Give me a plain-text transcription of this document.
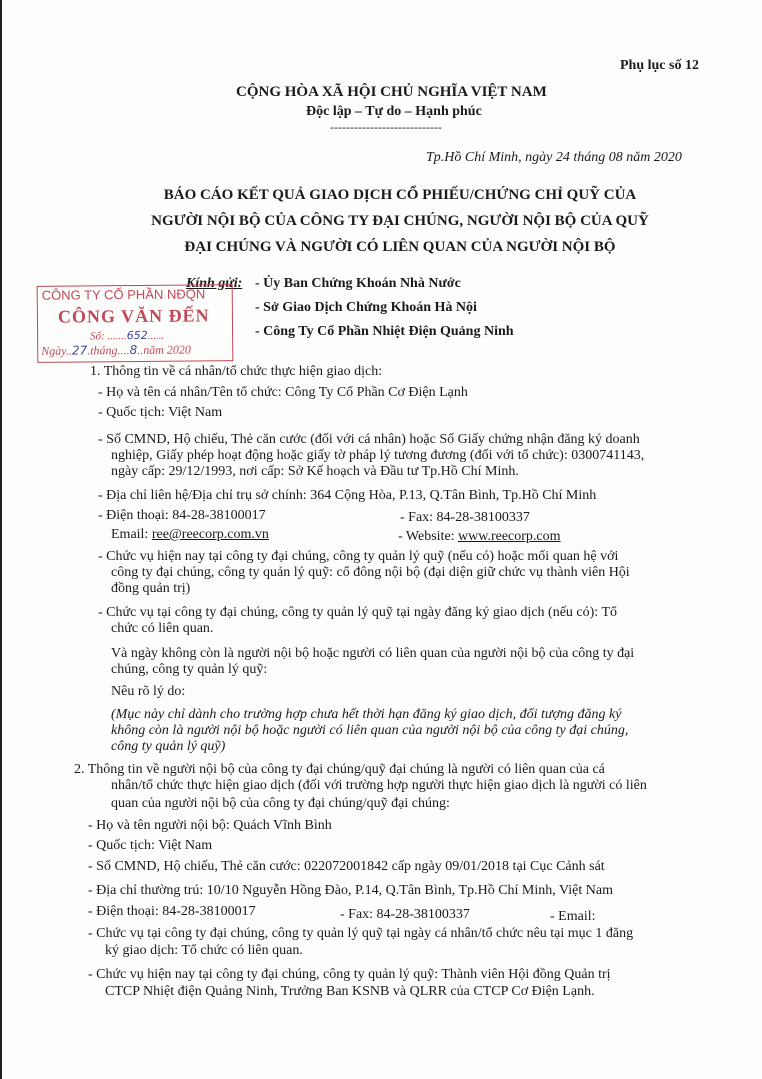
Phụ lục số 12
CỘNG HÒA XÃ HỘI CHỦ NGHĨA VIỆT NAM
Độc lập – Tự do – Hạnh phúc
----------------------------
Tp.Hồ Chí Minh, ngày 24 tháng 08 năm 2020
BÁO CÁO KẾT QUẢ GIAO DỊCH CỔ PHIẾU/CHỨNG CHỈ QUỸ CỦA
NGƯỜI NỘI BỘ CỦA CÔNG TY ĐẠI CHÚNG, NGƯỜI NỘI BỘ CỦA QUỸ
ĐẠI CHÚNG VÀ NGƯỜI CÓ LIÊN QUAN CỦA NGƯỜI NỘI BỘ
Kính gửi: - Ủy Ban Chứng Khoán Nhà Nước
- Sở Giao Dịch Chứng Khoán Hà Nội
- Công Ty Cổ Phần Nhiệt Điện Quảng Ninh
CÔNG TY CỔ PHẦN NĐQN
CÔNG VĂN ĐẾN
Số: .......652......
Ngày..27.tháng....8..năm 2020
1. Thông tin về cá nhân/tổ chức thực hiện giao dịch:
- Họ và tên cá nhân/Tên tổ chức: Công Ty Cổ Phần Cơ Điện Lạnh
- Quốc tịch: Việt Nam
- Số CMND, Hộ chiếu, Thẻ căn cước (đối với cá nhân) hoặc Số Giấy chứng nhận đăng ký doanh
nghiệp, Giấy phép hoạt động hoặc giấy tờ pháp lý tương đương (đối với tổ chức): 0300741143,
ngày cấp: 29/12/1993, nơi cấp: Sở Kế hoạch và Đầu tư Tp.Hồ Chí Minh.
- Địa chỉ liên hệ/Địa chỉ trụ sở chính: 364 Cộng Hòa, P.13, Q.Tân Bình, Tp.Hồ Chí Minh
- Điện thoại: 84-28-38100017	- Fax: 84-28-38100337
Email: ree@reecorp.com.vn	- Website: www.reecorp.com
- Chức vụ hiện nay tại công ty đại chúng, công ty quản lý quỹ (nếu có) hoặc mối quan hệ với
công ty đại chúng, công ty quản lý quỹ: cổ đông nội bộ (đại diện giữ chức vụ thành viên Hội
đồng quản trị)
- Chức vụ tại công ty đại chúng, công ty quản lý quỹ tại ngày đăng ký giao dịch (nếu có): Tổ
chức có liên quan.
Và ngày không còn là người nội bộ hoặc người có liên quan của người nội bộ của công ty đại
chúng, công ty quản lý quỹ:
Nêu rõ lý do:
(Mục này chỉ dành cho trường hợp chưa hết thời hạn đăng ký giao dịch, đối tượng đăng ký
không còn là người nội bộ hoặc người có liên quan của người nội bộ của công ty đại chúng,
công ty quản lý quỹ)
2. Thông tin về người nội bộ của công ty đại chúng/quỹ đại chúng là người có liên quan của cá
nhân/tổ chức thực hiện giao dịch (đối với trường hợp người thực hiện giao dịch là người có liên
quan của người nội bộ của công ty đại chúng/quỹ đại chúng:
- Họ và tên người nội bộ: Quách Vĩnh Bình
- Quốc tịch: Việt Nam
- Số CMND, Hộ chiếu, Thẻ căn cước: 022072001842 cấp ngày 09/01/2018 tại Cục Cảnh sát
- Địa chỉ thường trú: 10/10 Nguyễn Hồng Đào, P.14, Q.Tân Bình, Tp.Hồ Chí Minh, Việt Nam
- Điện thoại: 84-28-38100017	- Fax: 84-28-38100337	- Email:
- Chức vụ tại công ty đại chúng, công ty quản lý quỹ tại ngày cá nhân/tổ chức nêu tại mục 1 đăng
ký giao dịch: Tổ chức có liên quan.
- Chức vụ hiện nay tại công ty đại chúng, công ty quản lý quỹ: Thành viên Hội đồng Quản trị
CTCP Nhiệt điện Quảng Ninh, Trưởng Ban KSNB và QLRR của CTCP Cơ Điện Lạnh.
